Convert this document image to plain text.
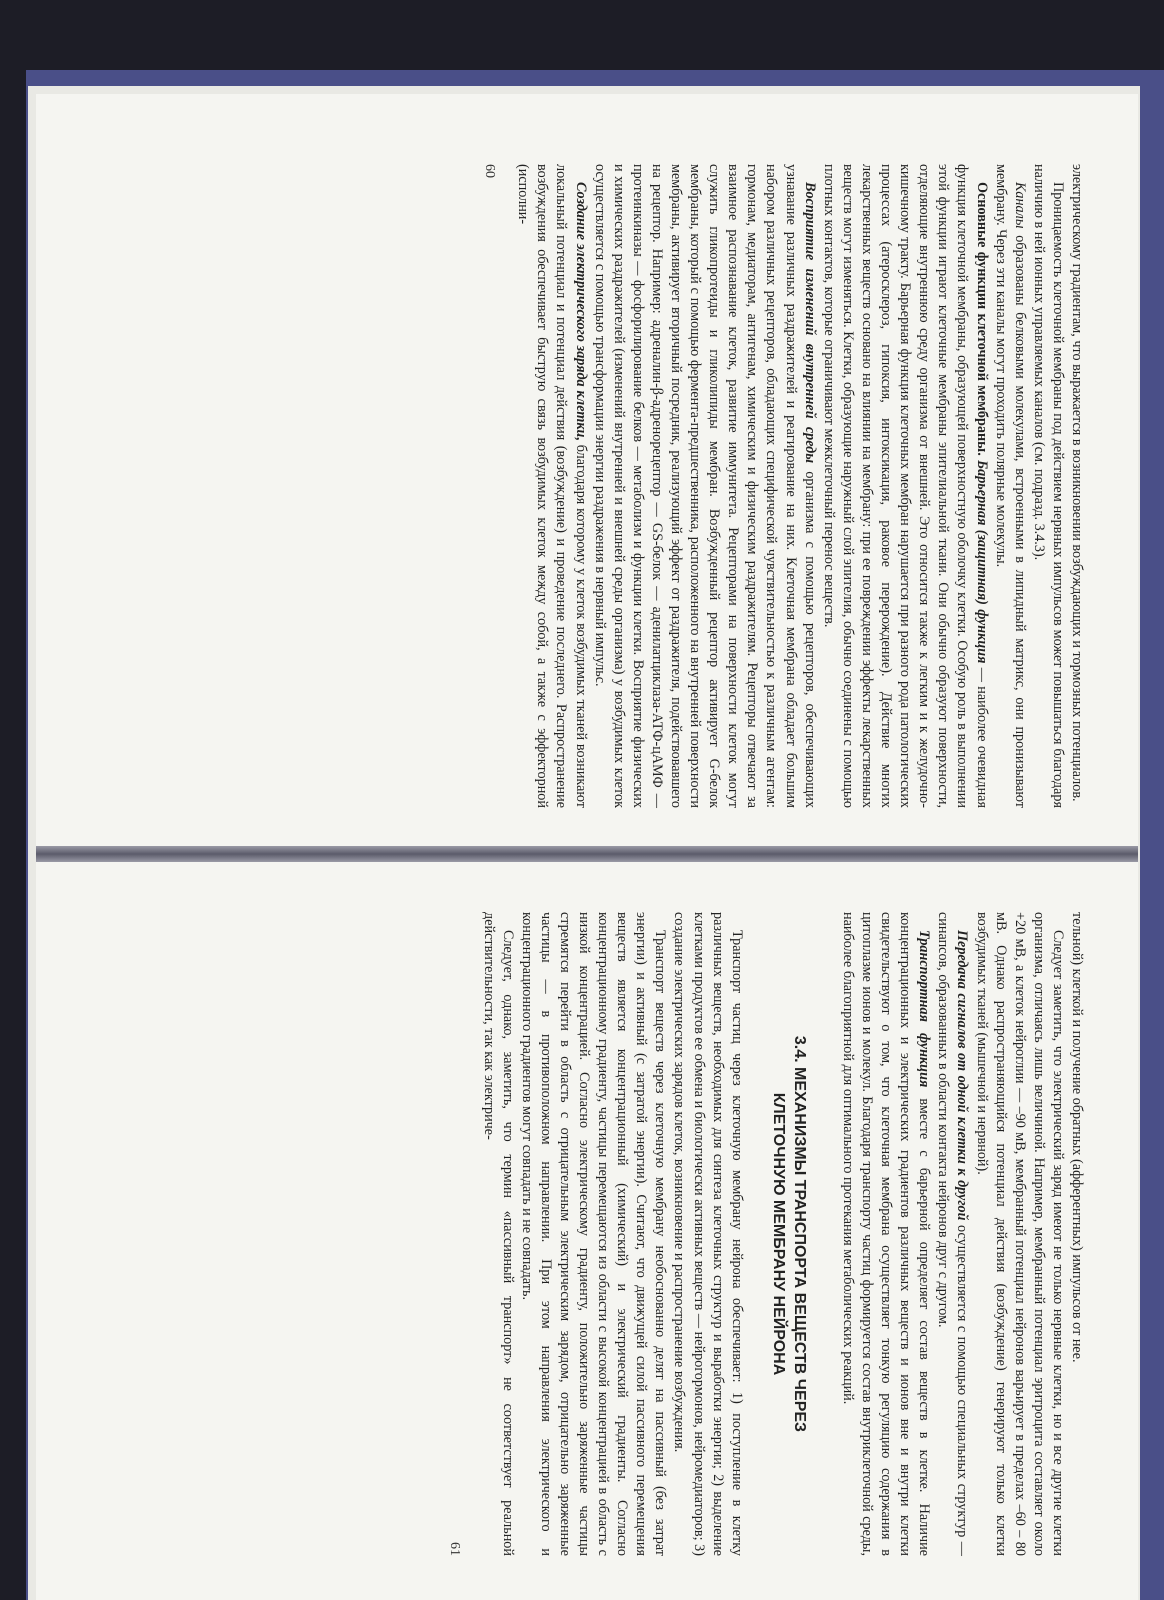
электрическому градиентам, что выражается в возникновении возбуждающих и тормозных потенциалов.

Проницаемость клеточной мембраны под действием нервных импульсов может повышаться благодаря наличию в ней ионных управляемых каналов (см. подразд. 3.4.3).

Каналы образованы белковыми молекулами, встроенными в липидный матрикс, они пронизывают мембрану. Через эти каналы могут проходить полярные молекулы.

Основные функции клеточной мембраны. Барьерная (защитная) функция — наиболее очевидная функция клеточной мембраны, образующей поверхностную оболочку клетки. Особую роль в выполнении этой функции играют клеточные мембраны эпителиальной ткани. Они обычно образуют поверхности, отделяющие внутреннюю среду организма от внешней. Это относится также к легким и к желудочно-кишечному тракту. Барьерная функция клеточных мембран нарушается при разного рода патологических процессах (атеросклероз, гипоксия, интоксикация, раковое перерождение). Действие многих лекарственных веществ основано на влиянии на мембрану: при ее повреждении эффекты лекарственных веществ могут изменяться. Клетки, образующие наружный слой эпителия, обычно соединены с помощью плотных контактов, которые ограничивают межклеточный перенос веществ.

Восприятие изменений внутренней среды организма с помощью рецепторов, обеспечивающих узнавание различных раздражителей и реагирование на них. Клеточная мембрана обладает большим набором различных рецепторов, обладающих специфической чувствительностью к различным агентам: гормонам, медиаторам, антигенам, химическим и физическим раздражителям. Рецепторы отвечают за взаимное распознавание клеток, развитие иммунитета. Рецепторами на поверхности клеток могут служить гликопротеиды и гликолипиды мембран. Возбужденный рецептор активирует G-белок мембраны, который с помощью фермента-предшественника, расположенного на внутренней поверхности мембраны, активирует вторичный посредник, реализующий эффект от раздражителя, подействовавшего на рецептор. Например: адреналин-β-адренорецептор — GS-белок — аденилатциклаза-АТФ-цАМФ — протеинкиназы — фосфорилирование белков — метаболизм и функции клетки. Восприятие физических и химических раздражителей (изменений внутренней и внешней среды организма) у возбудимых клеток осуществляется с помощью трансформации энергии раздражения в нервный импульс.

Создание электрического заряда клетки, благодаря которому у клеток возбудимых тканей возникают локальный потенциал и потенциал действия (возбуждение) и проведение последнего. Распространение возбуждения обеспечивает быструю связь возбудимых клеток между собой, а также с эффекторной (исполни-

60

тельной) клеткой и получение обратных (афферентных) импульсов от нее.

Следует заметить, что электрический заряд имеют не только нервные клетки, но и все другие клетки организма, отличаясь лишь величиной. Например, мембранный потенциал эритроцита составляет около +20 мВ, а клеток нейроглии — –90 мВ, мембранный потенциал нейронов варьирует в пределах –60 – 80 мВ. Однако распространяющийся потенциал действия (возбуждение) генерируют только клетки возбудимых тканей (мышечной и нервной).

Передача сигналов от одной клетки к другой осуществляется с помощью специальных структур — синапсов, образованных в области контакта нейронов друг с другом.

Транспортная функция вместе с барьерной определяет состав веществ в клетке. Наличие концентрационных и электрических градиентов различных веществ и ионов вне и внутри клетки свидетельствуют о том, что клеточная мембрана осуществляет тонкую регуляцию содержания в цитоплазме ионов и молекул. Благодаря транспорту частиц формируется состав внутриклеточной среды, наиболее благоприятной для оптимального протекания метаболических реакций.

3.4. МЕХАНИЗМЫ ТРАНСПОРТА ВЕЩЕСТВ ЧЕРЕЗ
КЛЕТОЧНУЮ МЕМБРАНУ НЕЙРОНА

Транспорт частиц через клеточную мембрану нейрона обеспечивает: 1) поступление в клетку различных веществ, необходимых для синтеза клеточных структур и выработки энергии; 2) выделение клетками продуктов ее обмена и биологически активных веществ — нейрогормонов, нейромедиаторов; 3) создание электрических зарядов клеток, возникновение и распространение возбуждения.

Транспорт веществ через клеточную мембрану необоснованно делят на пассивный (без затрат энергии) и активный (с затратой энергии). Считают, что движущей силой пассивного перемещения веществ является концентрационный (химический) и электрический градиенты. Согласно концентрационному градиенту, частицы перемещаются из области с высокой концентрацией в область с низкой концентрацией. Согласно электрическому градиенту, положительно заряженные частицы стремятся перейти в область с отрицательным электрическим зарядом, отрицательно заряженные частицы — в противоположном направлении. При этом направления электрического и концентрационного градиентов могут совпадать и не совпадать.

Следует, однако, заметить, что термин «пассивный транспорт» не соответствует реальной действительности, так как электриче-

61
